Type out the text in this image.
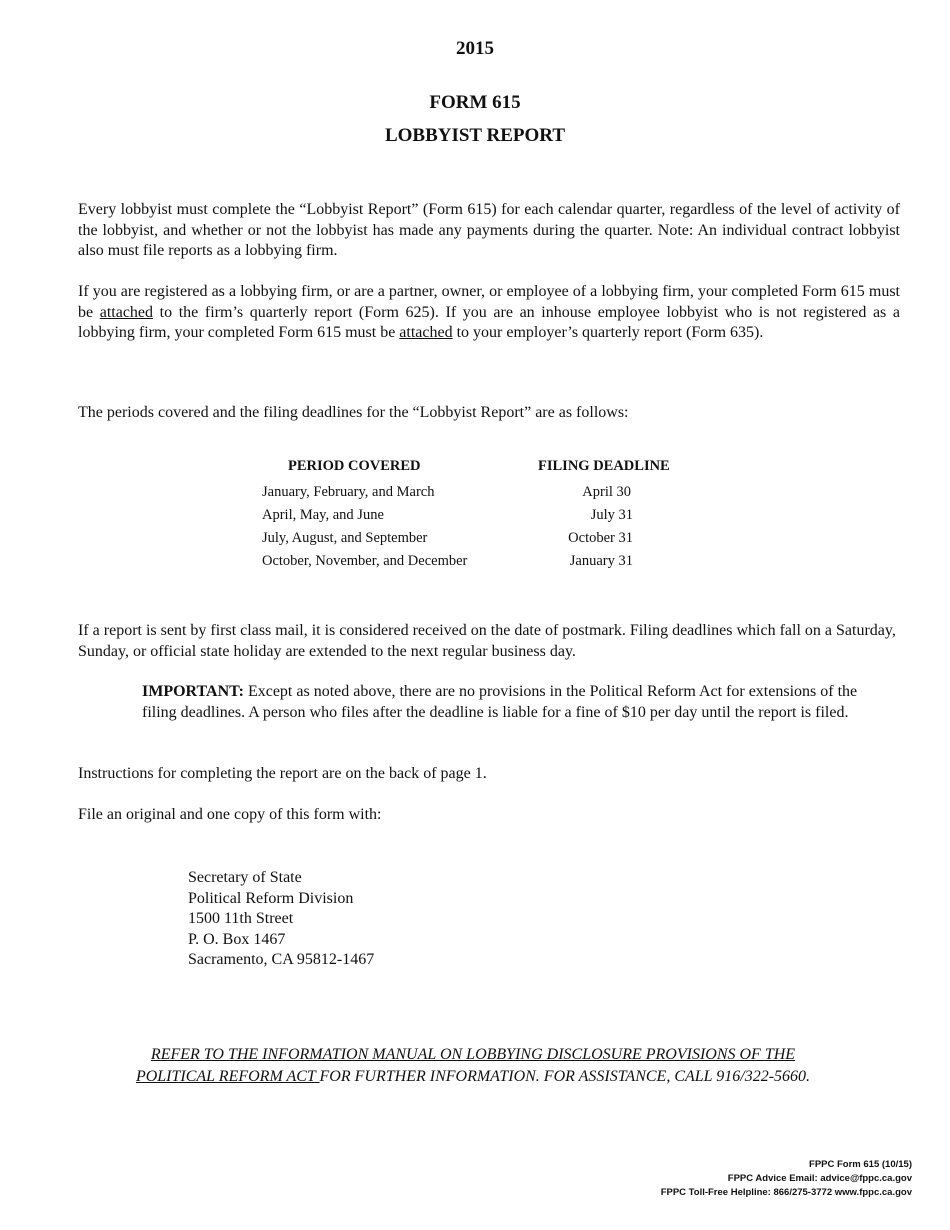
2015
FORM 615
LOBBYIST REPORT

Every lobbyist must complete the “Lobbyist Report” (Form 615) for each calendar quarter, regardless of the level of activity of the lobbyist, and whether or not the lobbyist has made any payments during the quarter. Note: An individual contract lobbyist also must file reports as a lobbying firm.

If you are registered as a lobbying firm, or are a partner, owner, or employee of a lobbying firm, your completed Form 615 must be attached to the firm’s quarterly report (Form 625). If you are an inhouse employee lobbyist who is not registered as a lobbying firm, your completed Form 615 must be attached to your employer’s quarterly report (Form 635).

The periods covered and the filing deadlines for the “Lobbyist Report” are as follows:

PERIOD COVERED	FILING DEADLINE
January, February, and March	April 30
April, May, and June	July 31
July, August, and September	October 31
October, November, and December	January 31

If a report is sent by first class mail, it is considered received on the date of postmark. Filing deadlines which fall on a Saturday, Sunday, or official state holiday are extended to the next regular business day.

IMPORTANT: Except as noted above, there are no provisions in the Political Reform Act for extensions of the filing deadlines. A person who files after the deadline is liable for a fine of $10 per day until the report is filed.

Instructions for completing the report are on the back of page 1.

File an original and one copy of this form with:

Secretary of State
Political Reform Division
1500 11th Street
P. O. Box 1467
Sacramento, CA 95812-1467
REFER TO THE INFORMATION MANUAL ON LOBBYING DISCLOSURE PROVISIONS OF THE
POLITICAL REFORM ACT FOR FURTHER INFORMATION. FOR ASSISTANCE, CALL 916/322-5660.
FPPC Form 615 (10/15)
FPPC Advice Email: advice@fppc.ca.gov
FPPC Toll-Free Helpline: 866/275-3772 www.fppc.ca.gov
